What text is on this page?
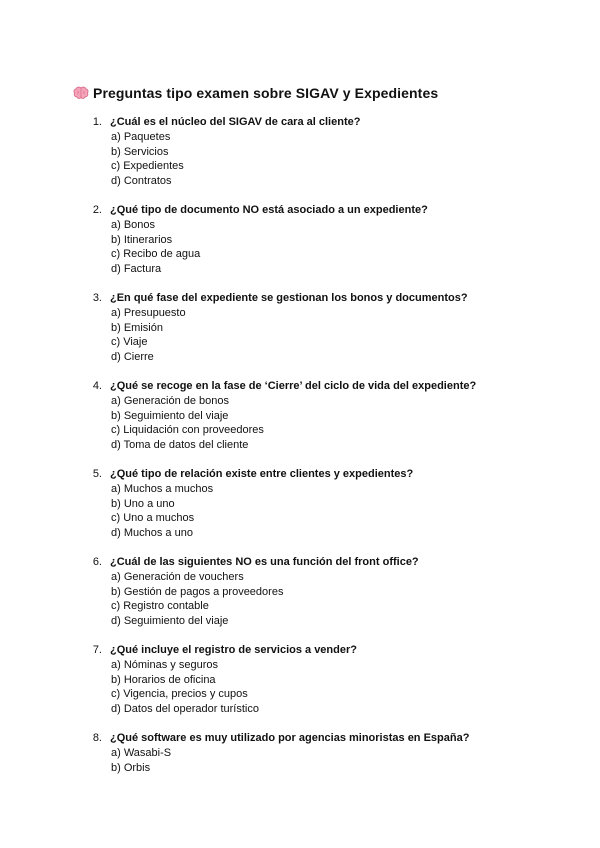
Preguntas tipo examen sobre SIGAV y Expedientes
1. ¿Cuál es el núcleo del SIGAV de cara al cliente?
a) Paquetes
b) Servicios
c) Expedientes
d) Contratos
2. ¿Qué tipo de documento NO está asociado a un expediente?
a) Bonos
b) Itinerarios
c) Recibo de agua
d) Factura
3. ¿En qué fase del expediente se gestionan los bonos y documentos?
a) Presupuesto
b) Emisión
c) Viaje
d) Cierre
4. ¿Qué se recoge en la fase de ‘Cierre’ del ciclo de vida del expediente?
a) Generación de bonos
b) Seguimiento del viaje
c) Liquidación con proveedores
d) Toma de datos del cliente
5. ¿Qué tipo de relación existe entre clientes y expedientes?
a) Muchos a muchos
b) Uno a uno
c) Uno a muchos
d) Muchos a uno
6. ¿Cuál de las siguientes NO es una función del front office?
a) Generación de vouchers
b) Gestión de pagos a proveedores
c) Registro contable
d) Seguimiento del viaje
7. ¿Qué incluye el registro de servicios a vender?
a) Nóminas y seguros
b) Horarios de oficina
c) Vigencia, precios y cupos
d) Datos del operador turístico
8. ¿Qué software es muy utilizado por agencias minoristas en España?
a) Wasabi-S
b) Orbis
